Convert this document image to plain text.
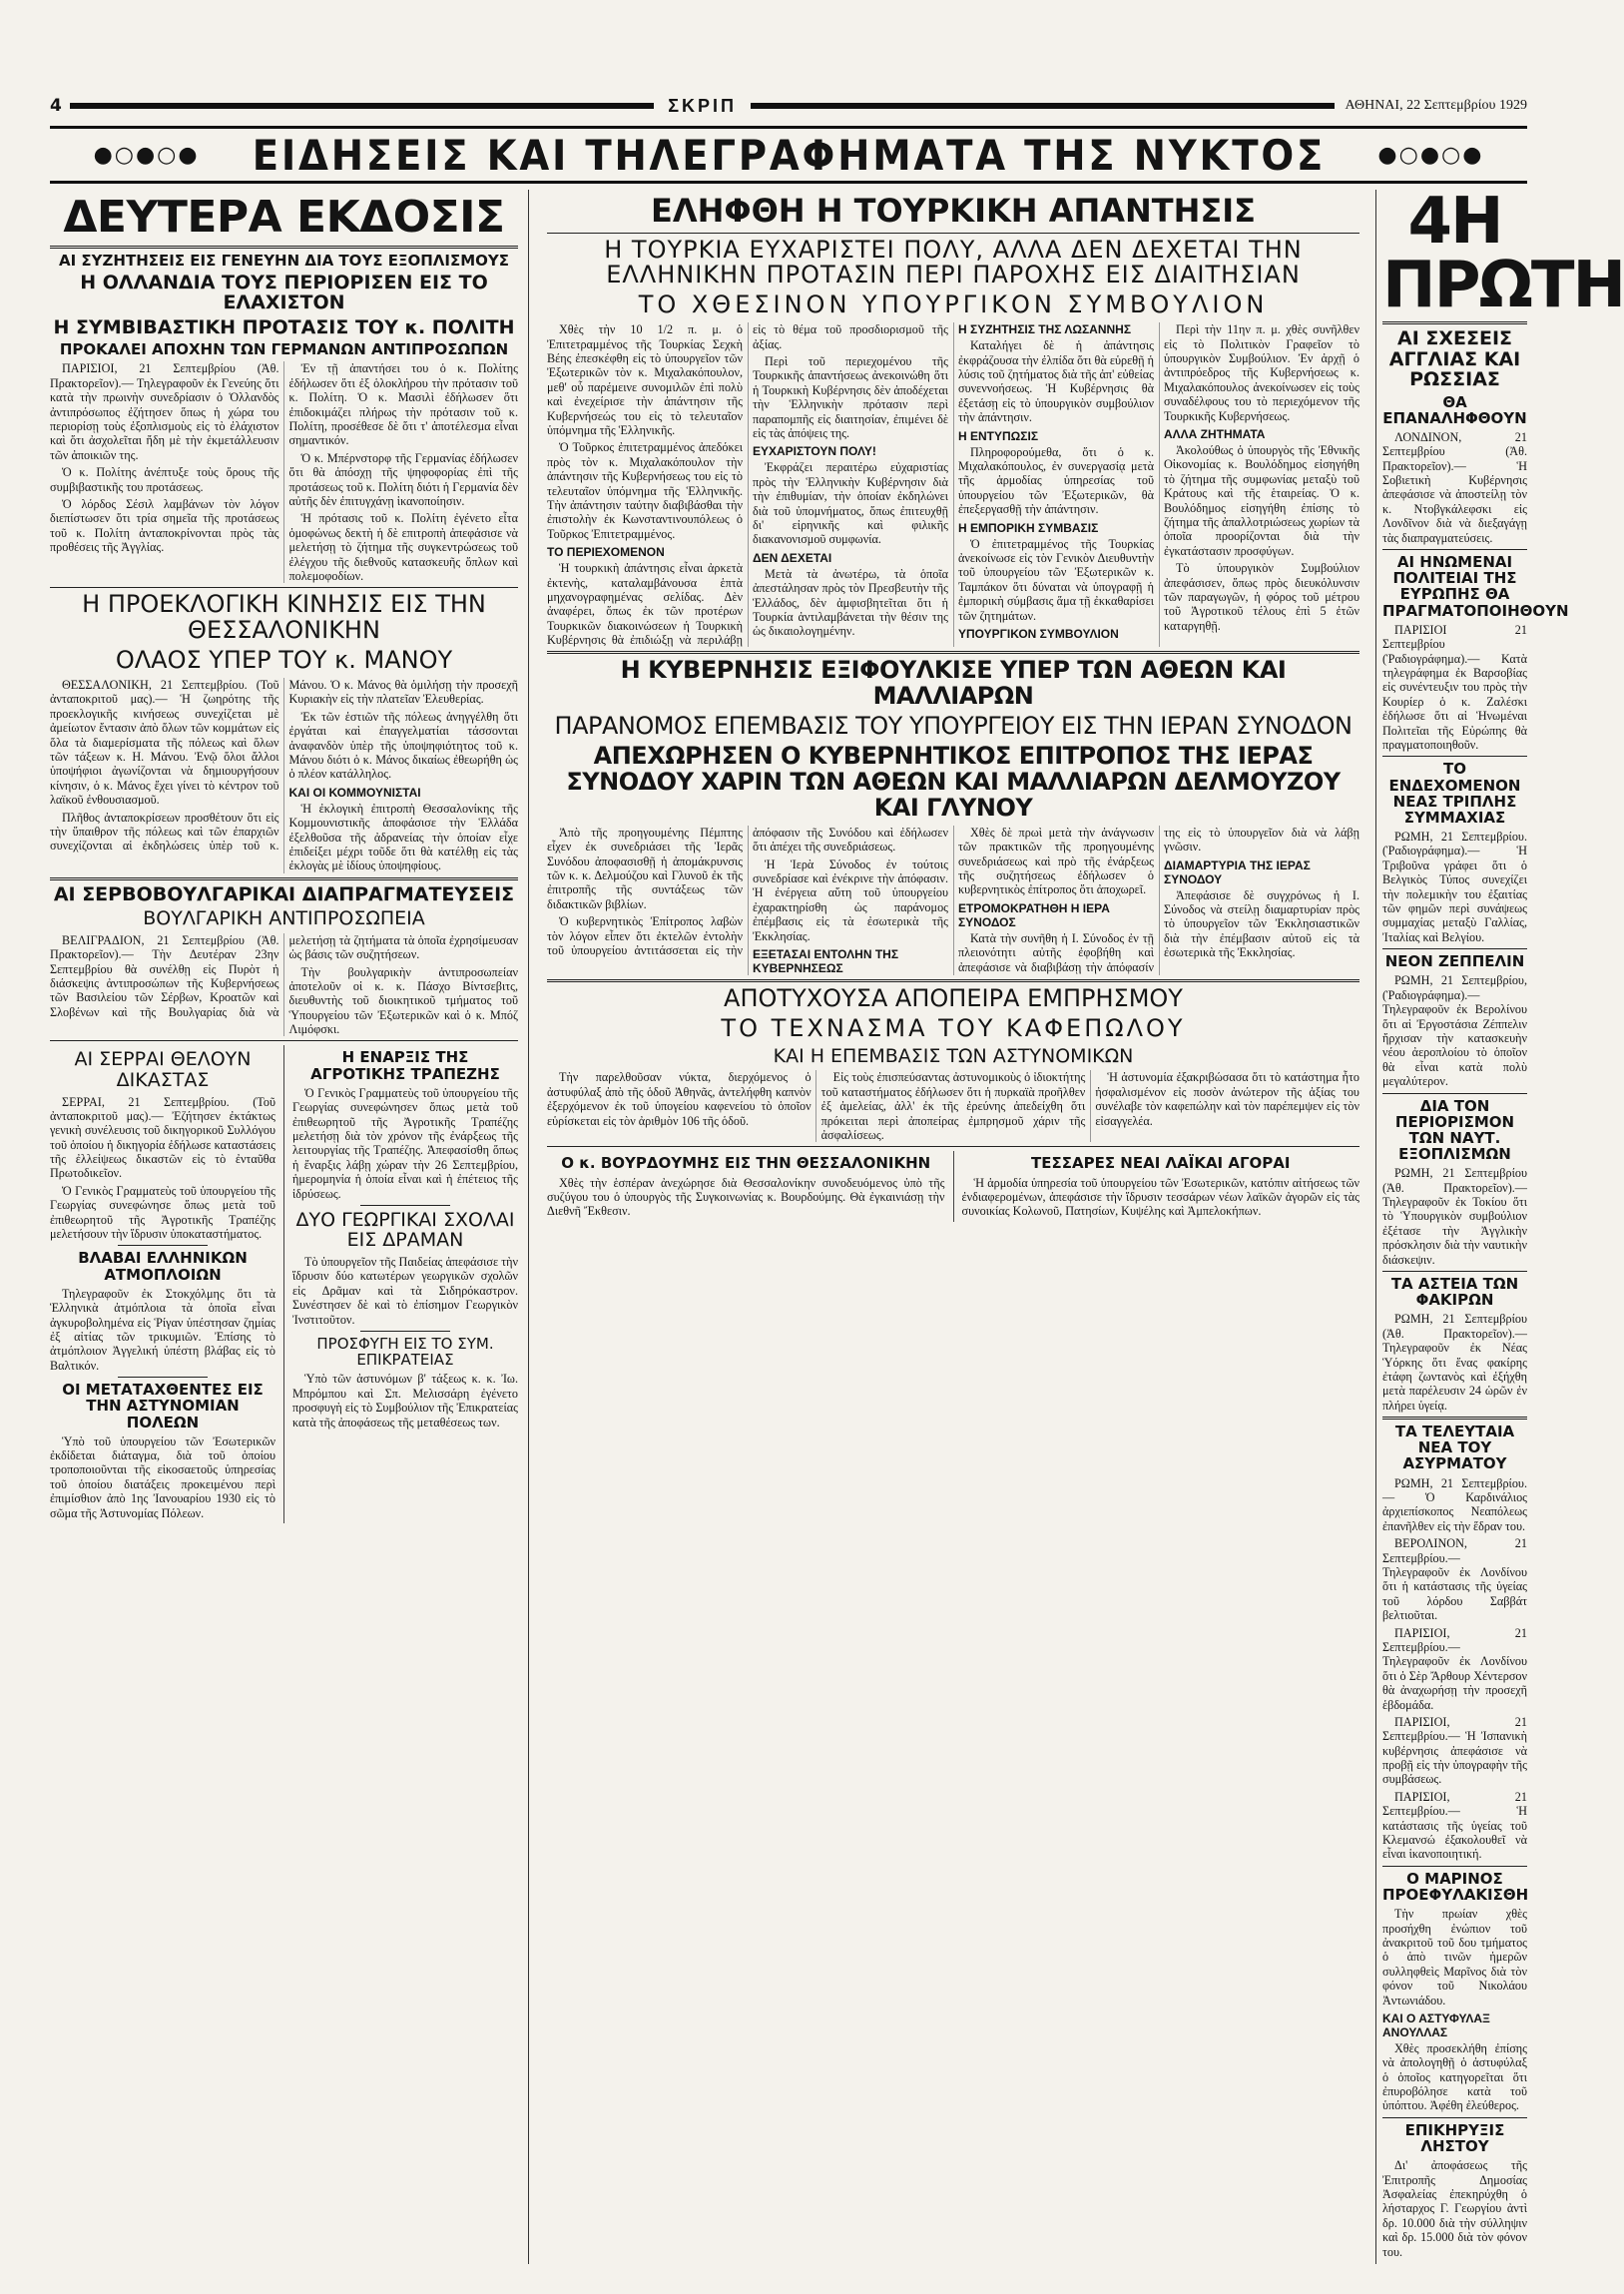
4	ΣΚΡΙΠ	ΑΘΗΝΑΙ, 22 Σεπτεμβρίου 1929
●○●○● ΕΙΔΗΣΕΙΣ ΚΑΙ ΤΗΛΕΓΡΑΦΗΜΑΤΑ ΤΗΣ ΝΥΚΤΟΣ ●○●○●
ΔΕΥΤΕΡΑ ΕΚΔΟΣΙΣ
ΑΙ ΣΥΖΗΤΗΣΕΙΣ ΕΙΣ ΓΕΝΕΥΗΝ ΔΙΑ ΤΟΥΣ ΕΞΟΠΛΙΣΜΟΥΣ
Η ΟΛΛΑΝΔΙΑ ΤΟΥΣ ΠΕΡΙΟΡΙΣΕΝ ΕΙΣ ΤΟ ΕΛΑΧΙΣΤΟΝ
Η ΣΥΜΒΙΒΑΣΤΙΚΗ ΠΡΟΤΑΣΙΣ ΤΟΥ κ. ΠΟΛΙΤΗ
ΠΡΟΚΑΛΕΙ ΑΠΟΧΗΝ ΤΩΝ ΓΕΡΜΑΝΩΝ ΑΝΤΙΠΡΟΣΩΠΩΝ

ΠΑΡΙΣΙΟΙ, 21 Σεπτεμβρίου (Ἀθ. Πρακτορεῖον).— Τηλεγραφοῦν ἐκ Γενεύης ὅτι κατὰ τὴν πρωινὴν συνεδρίασιν ὁ Ὁλλανδὸς ἀντιπρόσωπος ἐζήτησεν ὅπως ἡ χώρα του περιορίσῃ τοὺς ἐξοπλισμοὺς εἰς τὸ ἐλάχιστον καὶ ὅτι ἀσχολεῖται ἤδη μὲ τὴν ἐκμετάλλευσιν τῶν ἀποικιῶν της.

Ὁ κ. Πολίτης ἀνέπτυξε τοὺς ὅρους τῆς συμβιβαστικῆς του προτάσεως.

Ὁ λόρδος Σέσιλ λαμβάνων τὸν λόγον διεπίστωσεν ὅτι τρία σημεῖα τῆς προτάσεως τοῦ κ. Πολίτη ἀνταποκρίνονται πρὸς τὰς προθέσεις τῆς Ἀγγλίας.

Ἐν τῇ ἀπαντήσει του ὁ κ. Πολίτης ἐδήλωσεν ὅτι ἐξ ὁλοκλήρου τὴν πρότασιν τοῦ κ. Πολίτη. Ὁ κ. Μασιλὶ ἐδήλωσεν ὅτι ἐπιδοκιμάζει πλήρως τὴν πρότασιν τοῦ κ. Πολίτη, προσέθεσε δὲ ὅτι τ' ἀποτέλεσμα εἶναι σημαντικόν.

Ὁ κ. Μπέρνστορφ τῆς Γερμανίας ἐδήλωσεν ὅτι θὰ ἀπόσχῃ τῆς ψηφοφορίας ἐπὶ τῆς προτάσεως τοῦ κ. Πολίτη διότι ἡ Γερμανία δὲν αὐτῆς δὲν ἐπιτυγχάνῃ ἱκανοποίησιν.

Ἡ πρότασις τοῦ κ. Πολίτη ἐγένετο εἶτα ὁμοφώνως δεκτὴ ἡ δὲ επιτροπὴ ἀπεφάσισε νὰ μελετήσῃ τὸ ζήτημα τῆς συγκεντρώσεως τοῦ ἐλέγχου τῆς διεθνοῦς κατασκευῆς ὅπλων καὶ πολεμοφοδίων.

Η ΠΡΟΕΚΛΟΓΙΚΗ ΚΙΝΗΣΙΣ ΕΙΣ ΤΗΝ ΘΕΣΣΑΛΟΝΙΚΗΝ
ΟΛΑΟΣ ΥΠΕΡ ΤΟΥ κ. ΜΑΝΟΥ

ΘΕΣΣΑΛΟΝΙΚΗ, 21 Σεπτεμβρίου. (Τοῦ ἀνταποκριτοῦ μας).— Ἡ ζωηρότης τῆς προεκλογικῆς κινήσεως συνεχίζεται μὲ ἀμείωτον ἔντασιν ἀπὸ ὅλων τῶν κομμάτων εἰς ὅλα τὰ διαμερίσματα τῆς πόλεως καὶ ὅλων τῶν τάξεων κ. Η. Μάνου. Ἐνῷ ὅλοι ἄλλοι ὑποψήφιοι ἀγωνίζονται νὰ δημιουργήσουν κίνησιν, ὁ κ. Μάνος ἔχει γίνει τὸ κέντρον τοῦ λαϊκοῦ ἐνθουσιασμοῦ.

Πλῆθος ἀνταποκρίσεων προσθέτουν ὅτι εἰς τὴν ὕπαιθρον τῆς πόλεως καὶ τῶν ἐπαρχιῶν συνεχίζονται αἱ ἐκδηλώσεις ὑπὲρ τοῦ κ. Μάνου. Ὁ κ. Μάνος θὰ ὁμιλήσῃ τὴν προσεχῆ Κυριακὴν εἰς τὴν πλατεῖαν Ἐλευθερίας.

Ἐκ τῶν ἑστιῶν τῆς πόλεως ἀνηγγέλθη ὅτι ἐργάται καὶ ἐπαγγελματίαι τάσσονται ἀναφανδὸν ὑπὲρ τῆς ὑποψηφιότητος τοῦ κ. Μάνου διότι ὁ κ. Μάνος δικαίως ἐθεωρήθη ὡς ὁ πλέον κατάλληλος.

ΚΑΙ ΟΙ ΚΟΜΜΟΥΝΙΣΤΑΙ

Ἡ ἐκλογικὴ ἐπιτροπὴ Θεσσαλονίκης τῆς Κομμουνιστικῆς ἀποφάσισε τὴν Ἑλλάδα ἐξελθοῦσα τῆς ἀδρανείας τὴν ὁποίαν εἶχε ἐπιδείξει μέχρι τοῦδε ὅτι θὰ κατέλθῃ εἰς τὰς ἐκλογὰς μὲ ἰδίους ὑποψηφίους.

ΑΙ ΣΕΡΒΟΒΟΥΛΓΑΡΙΚΑΙ ΔΙΑΠΡΑΓΜΑΤΕΥΣΕΙΣ
ΒΟΥΛΓΑΡΙΚΗ ΑΝΤΙΠΡΟΣΩΠΕΙΑ

ΒΕΛΙΓΡΑΔΙΟΝ, 21 Σεπτεμβρίου (Ἀθ. Πρακτορεῖον).— Τὴν Δευτέραν 23ην Σεπτεμβρίου θὰ συνέλθῃ εἰς Πυρὸτ ἡ διάσκεψις ἀντιπροσώπων τῆς Κυβερνήσεως τῶν Βασιλείου τῶν Σέρβων, Κροατῶν καὶ Σλοβένων καὶ τῆς Βουλγαρίας διὰ νὰ μελετήσῃ τὰ ζητήματα τὰ ὁποῖα ἐχρησίμευσαν ὡς βάσις τῶν συζητήσεων.

Τὴν βουλγαρικὴν ἀντιπροσωπείαν ἀποτελοῦν οἱ κ. κ. Πάσχο Βίντσεβιτς, διευθυντὴς τοῦ διοικητικοῦ τμήματος τοῦ Ὑπουργείου τῶν Ἐξωτερικῶν καὶ ὁ κ. Μπόζ Λιμόφσκι.

ΑΙ ΣΕΡΡΑΙ ΘΕΛΟΥΝ ΔΙΚΑΣΤΑΣ

ΣΕΡΡΑΙ, 21 Σεπτεμβρίου. (Τοῦ ἀνταποκριτοῦ μας).— Ἐζήτησεν ἐκτάκτως γενικὴ συνέλευσις τοῦ δικηγορικοῦ Συλλόγου τοῦ ὁποίου ἡ δικηγορία ἐδήλωσε καταστάσεις τῆς ἐλλείψεως δικαστῶν εἰς τὸ ἐνταῦθα Πρωτοδικεῖον.

Ὁ Γενικὸς Γραμματεὺς τοῦ ὑπουργείου τῆς Γεωργίας συνεφώνησε ὅπως μετὰ τοῦ ἐπιθεωρητοῦ τῆς Ἀγροτικῆς Τραπέζης μελετήσουν τὴν ἵδρυσιν ὑποκαταστήματος.

ΒΛΑΒΑΙ ΕΛΛΗΝΙΚΩΝ ΑΤΜΟΠΛΟΙΩΝ

Τηλεγραφοῦν ἐκ Στοκχόλμης ὅτι τὰ Ἑλληνικὰ ἀτμόπλοια τὰ ὁποῖα εἶναι ἀγκυροβολημένα εἰς Ῥίγαν ὑπέστησαν ζημίας ἐξ αἰτίας τῶν τρικυμιῶν. Ἐπίσης τὸ ἀτμόπλοιον Ἀγγελική ὑπέστη βλάβας εἰς τὸ Βαλτικόν.

ΟΙ ΜΕΤΑΤΑΧΘΕΝΤΕΣ ΕΙΣ ΤΗΝ ΑΣΤΥΝΟΜΙΑΝ ΠΟΛΕΩΝ

Ὑπὸ τοῦ ὑπουργείου τῶν Ἐσωτερικῶν ἐκδίδεται διάταγμα, διὰ τοῦ ὁποίου τροποποιοῦνται τῆς εἰκοσαετοῦς ὑπηρεσίας τοῦ ὁποίου διατάξεις προκειμένου περὶ ἐπιμίσθιον ἀπὸ 1ης Ἰανουαρίου 1930 εἰς τὸ σῶμα τῆς Ἀστυνομίας Πόλεων.

Η ΕΝΑΡΞΙΣ ΤΗΣ ΑΓΡΟΤΙΚΗΣ ΤΡΑΠΕΖΗΣ

Ὁ Γενικὸς Γραμματεὺς τοῦ ὑπουργείου τῆς Γεωργίας συνεφώνησεν ὅπως μετὰ τοῦ ἐπιθεωρητοῦ τῆς Ἀγροτικῆς Τραπέζης μελετήσῃ διὰ τὸν χρόνον τῆς ἐνάρξεως τῆς λειτουργίας τῆς Τραπέζης. Ἀπεφασίσθη ὅπως ἡ ἔναρξις λάβῃ χώραν τὴν 26 Σεπτεμβρίου, ἡμερομηνία ἡ ὁποία εἶναι καὶ ἡ ἐπέτειος τῆς ἱδρύσεως.

ΔΥΟ ΓΕΩΡΓΙΚΑΙ ΣΧΟΛΑΙ ΕΙΣ ΔΡΑΜΑΝ

Τὸ ὑπουργεῖον τῆς Παιδείας ἀπεφάσισε τὴν ἵδρυσιν δύο κατωτέρων γεωργικῶν σχολῶν εἰς Δρᾶμαν καὶ τὰ Σιδηρόκαστρον. Συνέστησεν δὲ καὶ τὸ ἐπίσημον Γεωργικὸν Ἰνστιτοῦτον.

ΠΡΟΣΦΥΓΗ ΕΙΣ ΤΟ ΣΥΜ. ΕΠΙΚΡΑΤΕΙΑΣ

Ὑπὸ τῶν ἀστυνόμων β' τάξεως κ. κ. Ἰω. Μπρόμπου καὶ Σπ. Μελισσάρη ἐγένετο προσφυγὴ εἰς τὸ Συμβούλιον τῆς Ἐπικρατείας κατὰ τῆς ἀποφάσεως τῆς μεταθέσεως των.

ΕΛΗΦΘΗ Η ΤΟΥΡΚΙΚΗ ΑΠΑΝΤΗΣΙΣ
Η ΤΟΥΡΚΙΑ ΕΥΧΑΡΙΣΤΕΙ ΠΟΛΥ, ΑΛΛΑ ΔΕΝ ΔΕΧΕΤΑΙ ΤΗΝ ΕΛΛΗΝΙΚΗΝ ΠΡΟΤΑΣΙΝ ΠΕΡΙ ΠΑΡΟΧΗΣ ΕΙΣ ΔΙΑΙΤΗΣΙΑΝ
ΤΟ ΧΘΕΣΙΝΟΝ ΥΠΟΥΡΓΙΚΟΝ ΣΥΜΒΟΥΛΙΟΝ

Χθὲς τὴν 10 1/2 π. μ. ὁ Ἐπιτετραμμένος τῆς Τουρκίας Σεχκὴ Βέης ἐπεσκέφθη εἰς τὸ ὑπουργεῖον τῶν Ἐξωτερικῶν τὸν κ. Μιχαλακόπουλον, μεθ' οὗ παρέμεινε συνομιλῶν ἐπὶ πολὺ καὶ ἐνεχείρισε τὴν ἀπάντησιν τῆς Κυβερνήσεώς του εἰς τὸ τελευταῖον ὑπόμνημα τῆς Ἑλληνικῆς.

Ὁ Τοῦρκος ἐπιτετραμμένος ἀπεδόκει πρὸς τὸν κ. Μιχαλακόπουλον τὴν ἀπάντησιν τῆς Κυβερνήσεως του εἰς τὸ τελευταῖον ὑπόμνημα τῆς Ἑλληνικῆς. Τὴν ἀπάντησιν ταύτην διαβιβάσθαι τὴν ἐπιστολὴν ἐκ Κωνσταντινουπόλεως ὁ Τοῦρκος Ἐπιτετραμμένος.

ΤΟ ΠΕΡΙΕΧΟΜΕΝΟΝ

Ἡ τουρκικὴ ἀπάντησις εἶναι ἀρκετὰ ἐκτενὴς, καταλαμβάνουσα ἑπτὰ μηχανογραφημένας σελίδας. Δὲν ἀναφέρει, ὅπως ἐκ τῶν προτέρων Τουρκικῶν διακοινώσεων ἡ Τουρκικὴ Κυβέρνησις θὰ ἐπιδιώξῃ νὰ περιλάβῃ εἰς τὸ θέμα τοῦ προσδιορισμοῦ τῆς ἀξίας.

Περὶ τοῦ περιεχομένου τῆς Τουρκικῆς ἀπαντήσεως ἀνεκοινώθη ὅτι ἡ Τουρκικὴ Κυβέρνησις δὲν ἀποδέχεται τὴν Ἑλληνικὴν πρότασιν περὶ παραπομπῆς εἰς διαιτησίαν, ἐπιμένει δὲ εἰς τὰς ἀπόψεις της.

ΕΥΧΑΡΙΣΤΟΥΝ ΠΟΛΥ!

Ἐκφράζει περαιτέρω εὐχαριστίας πρὸς τὴν Ἑλληνικὴν Κυβέρνησιν διὰ τὴν ἐπιθυμίαν, τὴν ὁποίαν ἐκδηλώνει διὰ τοῦ ὑπομνήματος, ὅπως ἐπιτευχθῇ δι' εἰρηνικῆς καὶ φιλικῆς διακανονισμοῦ συμφωνία.

ΔΕΝ ΔΕΧΕΤΑΙ

Μετὰ τὰ ἀνωτέρω, τὰ ὁποῖα ἀπεστάλησαν πρὸς τὸν Πρεσβευτὴν τῆς Ἑλλάδος, δὲν ἀμφισβητεῖται ὅτι ἡ Τουρκία ἀντιλαμβάνεται τὴν θέσιν της ὡς δικαιολογημένην.

Η ΣΥΖΗΤΗΣΙΣ ΤΗΣ ΛΩΣΑΝΝΗΣ

Καταλήγει δὲ ἡ ἀπάντησις ἐκφράζουσα τὴν ἐλπίδα ὅτι θὰ εὑρεθῇ ἡ λύσις τοῦ ζητήματος διὰ τῆς ἀπ' εὐθείας συνεννοήσεως. Ἡ Κυβέρνησις θὰ ἐξετάσῃ εἰς τὸ ὑπουργικὸν συμβούλιον τὴν ἀπάντησιν.

Η ΕΝΤΥΠΩΣΙΣ

Πληροφορούμεθα, ὅτι ὁ κ. Μιχαλακόπουλος, ἐν συνεργασίᾳ μετὰ τῆς ἁρμοδίας ὑπηρεσίας τοῦ ὑπουργείου τῶν Ἐξωτερικῶν, θὰ ἐπεξεργασθῇ τὴν ἀπάντησιν.

Η ΕΜΠΟΡΙΚΗ ΣΥΜΒΑΣΙΣ

Ὁ ἐπιτετραμμένος τῆς Τουρκίας ἀνεκοίνωσε εἰς τὸν Γενικὸν Διευθυντὴν τοῦ ὑπουργείου τῶν Ἐξωτερικῶν κ. Ταμπάκον ὅτι δύναται νὰ ὑπογραφῇ ἡ ἐμπορικὴ σύμβασις ἅμα τῇ ἐκκαθαρίσει τῶν ζητημάτων.

ΥΠΟΥΡΓΙΚΟΝ ΣΥΜΒΟΥΛΙΟΝ

Περὶ τὴν 11ην π. μ. χθὲς συνῆλθεν εἰς τὸ Πολιτικὸν Γραφεῖον τὸ ὑπουργικὸν Συμβούλιον. Ἐν ἀρχῇ ὁ ἀντιπρόεδρος τῆς Κυβερνήσεως κ. Μιχαλακόπουλος ἀνεκοίνωσεν εἰς τοὺς συναδέλφους του τὸ περιεχόμενον τῆς Τουρκικῆς Κυβερνήσεως.

ΑΛΛΑ ΖΗΤΗΜΑΤΑ

Ἀκολούθως ὁ ὑπουργὸς τῆς Ἐθνικῆς Οἰκονομίας κ. Βουλόδημος εἰσηγήθη τὸ ζήτημα τῆς συμφωνίας μεταξὺ τοῦ Κράτους καὶ τῆς ἑταιρείας. Ὁ κ. Βουλόδημος εἰσηγήθη ἐπίσης τὸ ζήτημα τῆς ἀπαλλοτριώσεως χωρίων τὰ ὁποῖα προορίζονται διὰ τὴν ἐγκατάστασιν προσφύγων.

Τὸ ὑπουργικὸν Συμβούλιον ἀπεφάσισεν, ὅπως πρὸς διευκόλυνσιν τῶν παραγωγῶν, ἡ φόρος τοῦ μέτρου τοῦ Ἀγροτικοῦ τέλους ἐπὶ 5 ἐτῶν καταργηθῇ.

Η ΚΥΒΕΡΝΗΣΙΣ ΕΞΙΦΟΥΛΚΙΣΕ ΥΠΕΡ ΤΩΝ ΑΘΕΩΝ ΚΑΙ ΜΑΛΛΙΑΡΩΝ
ΠΑΡΑΝΟΜΟΣ ΕΠΕΜΒΑΣΙΣ ΤΟΥ ΥΠΟΥΡΓΕΙΟΥ ΕΙΣ ΤΗΝ ΙΕΡΑΝ ΣΥΝΟΔΟΝ
ΑΠΕΧΩΡΗΣΕΝ Ο ΚΥΒΕΡΝΗΤΙΚΟΣ ΕΠΙΤΡΟΠΟΣ ΤΗΣ ΙΕΡΑΣ ΣΥΝΟΔΟΥ ΧΑΡΙΝ ΤΩΝ ΑΘΕΩΝ ΚΑΙ ΜΑΛΛΙΑΡΩΝ ΔΕΛΜΟΥΖΟΥ ΚΑΙ ΓΛΥΝΟΥ

Ἀπὸ τῆς προηγουμένης Πέμπτης εἶχεν ἐκ συνεδριάσει τῆς Ἱερᾶς Συνόδου ἀποφασισθῇ ἡ ἀπομάκρυνσις τῶν κ. κ. Δελμούζου καὶ Γλυνοῦ ἐκ τῆς ἐπιτροπῆς τῆς συντάξεως τῶν διδακτικῶν βιβλίων.

Ὁ κυβερνητικὸς Ἐπίτροπος λαβὼν τὸν λόγον εἶπεν ὅτι ἐκτελῶν ἐντολὴν τοῦ ὑπουργείου ἀντιτάσσεται εἰς τὴν ἀπόφασιν τῆς Συνόδου καὶ ἐδήλωσεν ὅτι ἀπέχει τῆς συνεδριάσεως.

Ἡ Ἱερὰ Σύνοδος ἐν τούτοις συνεδρίασε καὶ ἐνέκρινε τὴν ἀπόφασιν. Ἡ ἐνέργεια αὕτη τοῦ ὑπουργείου ἐχαρακτηρίσθη ὡς παράνομος ἐπέμβασις εἰς τὰ ἐσωτερικὰ τῆς Ἐκκλησίας.

ΕΞΕΤΑΣΑΙ ΕΝΤΟΛΗΝ ΤΗΣ ΚΥΒΕΡΝΗΣΕΩΣ

Χθὲς δὲ πρωὶ μετὰ τὴν ἀνάγνωσιν τῶν πρακτικῶν τῆς προηγουμένης συνεδριάσεως καὶ πρὸ τῆς ἐνάρξεως τῆς συζητήσεως ἐδήλωσεν ὁ κυβερνητικὸς ἐπίτροπος ὅτι ἀποχωρεῖ.

ΕΤΡΟΜΟΚΡΑΤΗΘΗ Η ΙΕΡΑ ΣΥΝΟΔΟΣ

Κατὰ τὴν συνῆθη ἡ Ι. Σύνοδος ἐν τῇ πλειονότητι αὐτῆς ἐφοβήθη καὶ ἀπεφάσισε νὰ διαβιβάσῃ τὴν ἀπόφασίν της εἰς τὸ ὑπουργεῖον διὰ νὰ λάβῃ γνῶσιν.

ΔΙΑΜΑΡΤΥΡΙΑ ΤΗΣ ΙΕΡΑΣ ΣΥΝΟΔΟΥ

Ἀπεφάσισε δὲ συγχρόνως ἡ Ι. Σύνοδος νὰ στείλῃ διαμαρτυρίαν πρὸς τὸ ὑπουργεῖον τῶν Ἐκκλησιαστικῶν διὰ τὴν ἐπέμβασιν αὐτοῦ εἰς τὰ ἐσωτερικὰ τῆς Ἐκκλησίας.

ΑΠΟΤΥΧΟΥΣΑ ΑΠΟΠΕΙΡΑ ΕΜΠΡΗΣΜΟΥ
ΤΟ ΤΕΧΝΑΣΜΑ ΤΟΥ ΚΑΦΕΠΩΛΟΥ
ΚΑΙ Η ΕΠΕΜΒΑΣΙΣ ΤΩΝ ΑΣΤΥΝΟΜΙΚΩΝ

Τὴν παρελθοῦσαν νύκτα, διερχόμενος ὁ ἀστυφύλαξ ἀπὸ τῆς ὁδοῦ Ἀθηνᾶς, ἀντελήφθη καπνὸν ἐξερχόμενον ἐκ τοῦ ὑπογείου καφενείου τὸ ὁποῖον εὑρίσκεται εἰς τὸν ἀριθμὸν 106 τῆς ὁδοῦ.

Εἰς τοὺς ἐπισπεύσαντας ἀστυνομικοὺς ὁ ἰδιοκτήτης τοῦ καταστήματος ἐδήλωσεν ὅτι ἡ πυρκαϊὰ προῆλθεν ἐξ ἀμελείας, ἀλλ' ἐκ τῆς ἐρεύνης ἀπεδείχθη ὅτι πρόκειται περὶ ἀποπείρας ἐμπρησμοῦ χάριν τῆς ἀσφαλίσεως.

Ἡ ἀστυνομία ἐξακριβώσασα ὅτι τὸ κατάστημα ἦτο ἠσφαλισμένον εἰς ποσὸν ἀνώτερον τῆς ἀξίας του συνέλαβε τὸν καφεπώλην καὶ τὸν παρέπεμψεν εἰς τὸν εἰσαγγελέα.

Ο κ. ΒΟΥΡΔΟΥΜΗΣ ΕΙΣ ΤΗΝ ΘΕΣΣΑΛΟΝΙΚΗΝ

Χθὲς τὴν ἑσπέραν ἀνεχώρησε διὰ Θεσσαλονίκην συνοδευόμενος ὑπὸ τῆς συζύγου του ὁ ὑπουργὸς τῆς Συγκοινωνίας κ. Βουρδούμης. Θὰ ἐγκαινιάσῃ τὴν Διεθνῆ Ἔκθεσιν.

ΤΕΣΣΑΡΕΣ ΝΕΑΙ ΛΑΪΚΑΙ ΑΓΟΡΑΙ

Ἡ ἁρμοδία ὑπηρεσία τοῦ ὑπουργείου τῶν Ἐσωτερικῶν, κατόπιν αἰτήσεως τῶν ἐνδιαφερομένων, ἀπεφάσισε τὴν ἵδρυσιν τεσσάρων νέων λαϊκῶν ἀγορῶν εἰς τὰς συνοικίας Κολωνοῦ, Πατησίων, Κυψέλης καὶ Ἀμπελοκήπων.

4Η ΠΡΩΤΗ
ΑΙ ΣΧΕΣΕΙΣ ΑΓΓΛΙΑΣ ΚΑΙ ΡΩΣΣΙΑΣ
ΘΑ ΕΠΑΝΑΛΗΦΘΟΥΝ

ΛΟΝΔΙΝΟΝ, 21 Σεπτεμβρίου (Ἀθ. Πρακτορεῖον).— Ἡ Σοβιετικὴ Κυβέρνησις ἀπεφάσισε νὰ ἀποστείλῃ τὸν κ. Ντοβγκάλεφσκι εἰς Λονδῖνον διὰ νὰ διεξαγάγῃ τὰς διαπραγματεύσεις.

ΑΙ ΗΝΩΜΕΝΑΙ ΠΟΛΙΤΕΙΑΙ ΤΗΣ ΕΥΡΩΠΗΣ ΘΑ ΠΡΑΓΜΑΤΟΠΟΙΗΘΟΥΝ

ΠΑΡΙΣΙΟΙ 21 Σεπτεμβρίου (Ῥαδιογράφημα).— Κατὰ τηλεγράφημα ἐκ Βαρσοβίας εἰς συνέντευξιν του πρὸς τὴν Κουρίερ ὁ κ. Ζαλέσκι ἐδήλωσε ὅτι αἱ Ἡνωμέναι Πολιτεῖαι τῆς Εὐρώπης θὰ πραγματοποιηθοῦν.

ΤΟ ΕΝΔΕΧΟΜΕΝΟΝ ΝΕΑΣ ΤΡΙΠΛΗΣ ΣΥΜΜΑΧΙΑΣ

ΡΩΜΗ, 21 Σεπτεμβρίου. (Ῥαδιογράφημα).— Ἡ Τριβοῦνα γράφει ὅτι ὁ Βελγικὸς Τύπος συνεχίζει τὴν πολεμικὴν του ἐξαιτίας τῶν φημῶν περὶ συνάψεως συμμαχίας μεταξὺ Γαλλίας, Ἰταλίας καὶ Βελγίου.

ΝΕΟΝ ΖΕΠΠΕΛΙΝ

ΡΩΜΗ, 21 Σεπτεμβρίου, (Ῥαδιογράφημα).— Τηλεγραφοῦν ἐκ Βερολίνου ὅτι αἱ Ἐργοστάσια Ζέππελιν ἤρχισαν τὴν κατασκευὴν νέου ἀεροπλοίου τὸ ὁποῖον θὰ εἶναι κατὰ πολὺ μεγαλύτερον.

ΔΙΑ ΤΟΝ ΠΕΡΙΟΡΙΣΜΟΝ ΤΩΝ ΝΑΥΤ. ΕΞΟΠΛΙΣΜΩΝ

ΡΩΜΗ, 21 Σεπτεμβρίου (Ἀθ. Πρακτορεῖον).— Τηλεγραφοῦν ἐκ Τοκίου ὅτι τὸ Ὑπουργικὸν συμβούλιον ἐξέτασε τὴν Ἀγγλικὴν πρόσκλησιν διὰ τὴν ναυτικὴν διάσκεψιν.

ΤΑ ΑΣΤΕΙΑ ΤΩΝ ΦΑΚΙΡΩΝ

ΡΩΜΗ, 21 Σεπτεμβρίου (Ἀθ. Πρακτορεῖον).— Τηλεγραφοῦν ἐκ Νέας Ὑόρκης ὅτι ἕνας φακίρης ἐτάφη ζωντανὸς καὶ ἐξήχθη μετὰ παρέλευσιν 24 ὡρῶν ἐν πλήρει ὑγείᾳ.

ΤΑ ΤΕΛΕΥΤΑΙΑ ΝΕΑ ΤΟΥ ΑΣΥΡΜΑΤΟΥ

ΡΩΜΗ, 21 Σεπτεμβρίου.— Ὁ Καρδινάλιος ἀρχιεπίσκοπος Νεαπόλεως ἐπανῆλθεν εἰς τὴν ἕδραν του.

ΒΕΡΟΛΙΝΟΝ, 21 Σεπτεμβρίου.— Τηλεγραφοῦν ἐκ Λονδίνου ὅτι ἡ κατάστασις τῆς ὑγείας τοῦ λόρδου Σαββάτ βελτιοῦται.

ΠΑΡΙΣΙΟΙ, 21 Σεπτεμβρίου.— Τηλεγραφοῦν ἐκ Λονδίνου ὅτι ὁ Σὲρ Ἄρθουρ Χέντερσον θὰ ἀναχωρήσῃ τὴν προσεχῆ ἑβδομάδα.

ΠΑΡΙΣΙΟΙ, 21 Σεπτεμβρίου.— Ἡ Ἰσπανικὴ κυβέρνησις ἀπεφάσισε νὰ προβῇ εἰς τὴν ὑπογραφὴν τῆς συμβάσεως.

ΠΑΡΙΣΙΟΙ, 21 Σεπτεμβρίου.— Ἡ κατάστασις τῆς ὑγείας τοῦ Κλεμανσώ ἐξακολουθεῖ νὰ εἶναι ἱκανοποιητική.

Ο ΜΑΡΙΝΟΣ ΠΡΟΕΦΥΛΑΚΙΣΘΗ

Τὴν πρωίαν χθὲς προσήχθη ἐνώπιον τοῦ ἀνακριτοῦ τοῦ δου τμήματος ὁ ἀπὸ τινῶν ἡμερῶν συλληφθεὶς Μαρῖνος διὰ τὸν φόνον τοῦ Νικολάου Ἀντωνιάδου.

ΚΑΙ Ο ΑΣΤΥΦΥΛΑΞ ΑΝΟΥΛΛΑΣ

Χθὲς προσεκλήθη ἐπίσης νὰ ἀπολογηθῇ ὁ ἀστυφύλαξ ὁ ὁποῖος κατηγορεῖται ὅτι ἐπυροβόλησε κατὰ τοῦ ὑπόπτου. Ἀφέθη ἐλεύθερος.

ΕΠΙΚΗΡΥΞΙΣ ΛΗΣΤΟΥ

Δι' ἀποφάσεως τῆς Ἐπιτροπῆς Δημοσίας Ἀσφαλείας ἐπεκηρύχθη ὁ λήσταρχος Γ. Γεωργίου ἀντὶ δρ. 10.000 διὰ τὴν σύλληψιν καὶ δρ. 15.000 διὰ τὸν φόνον του.
